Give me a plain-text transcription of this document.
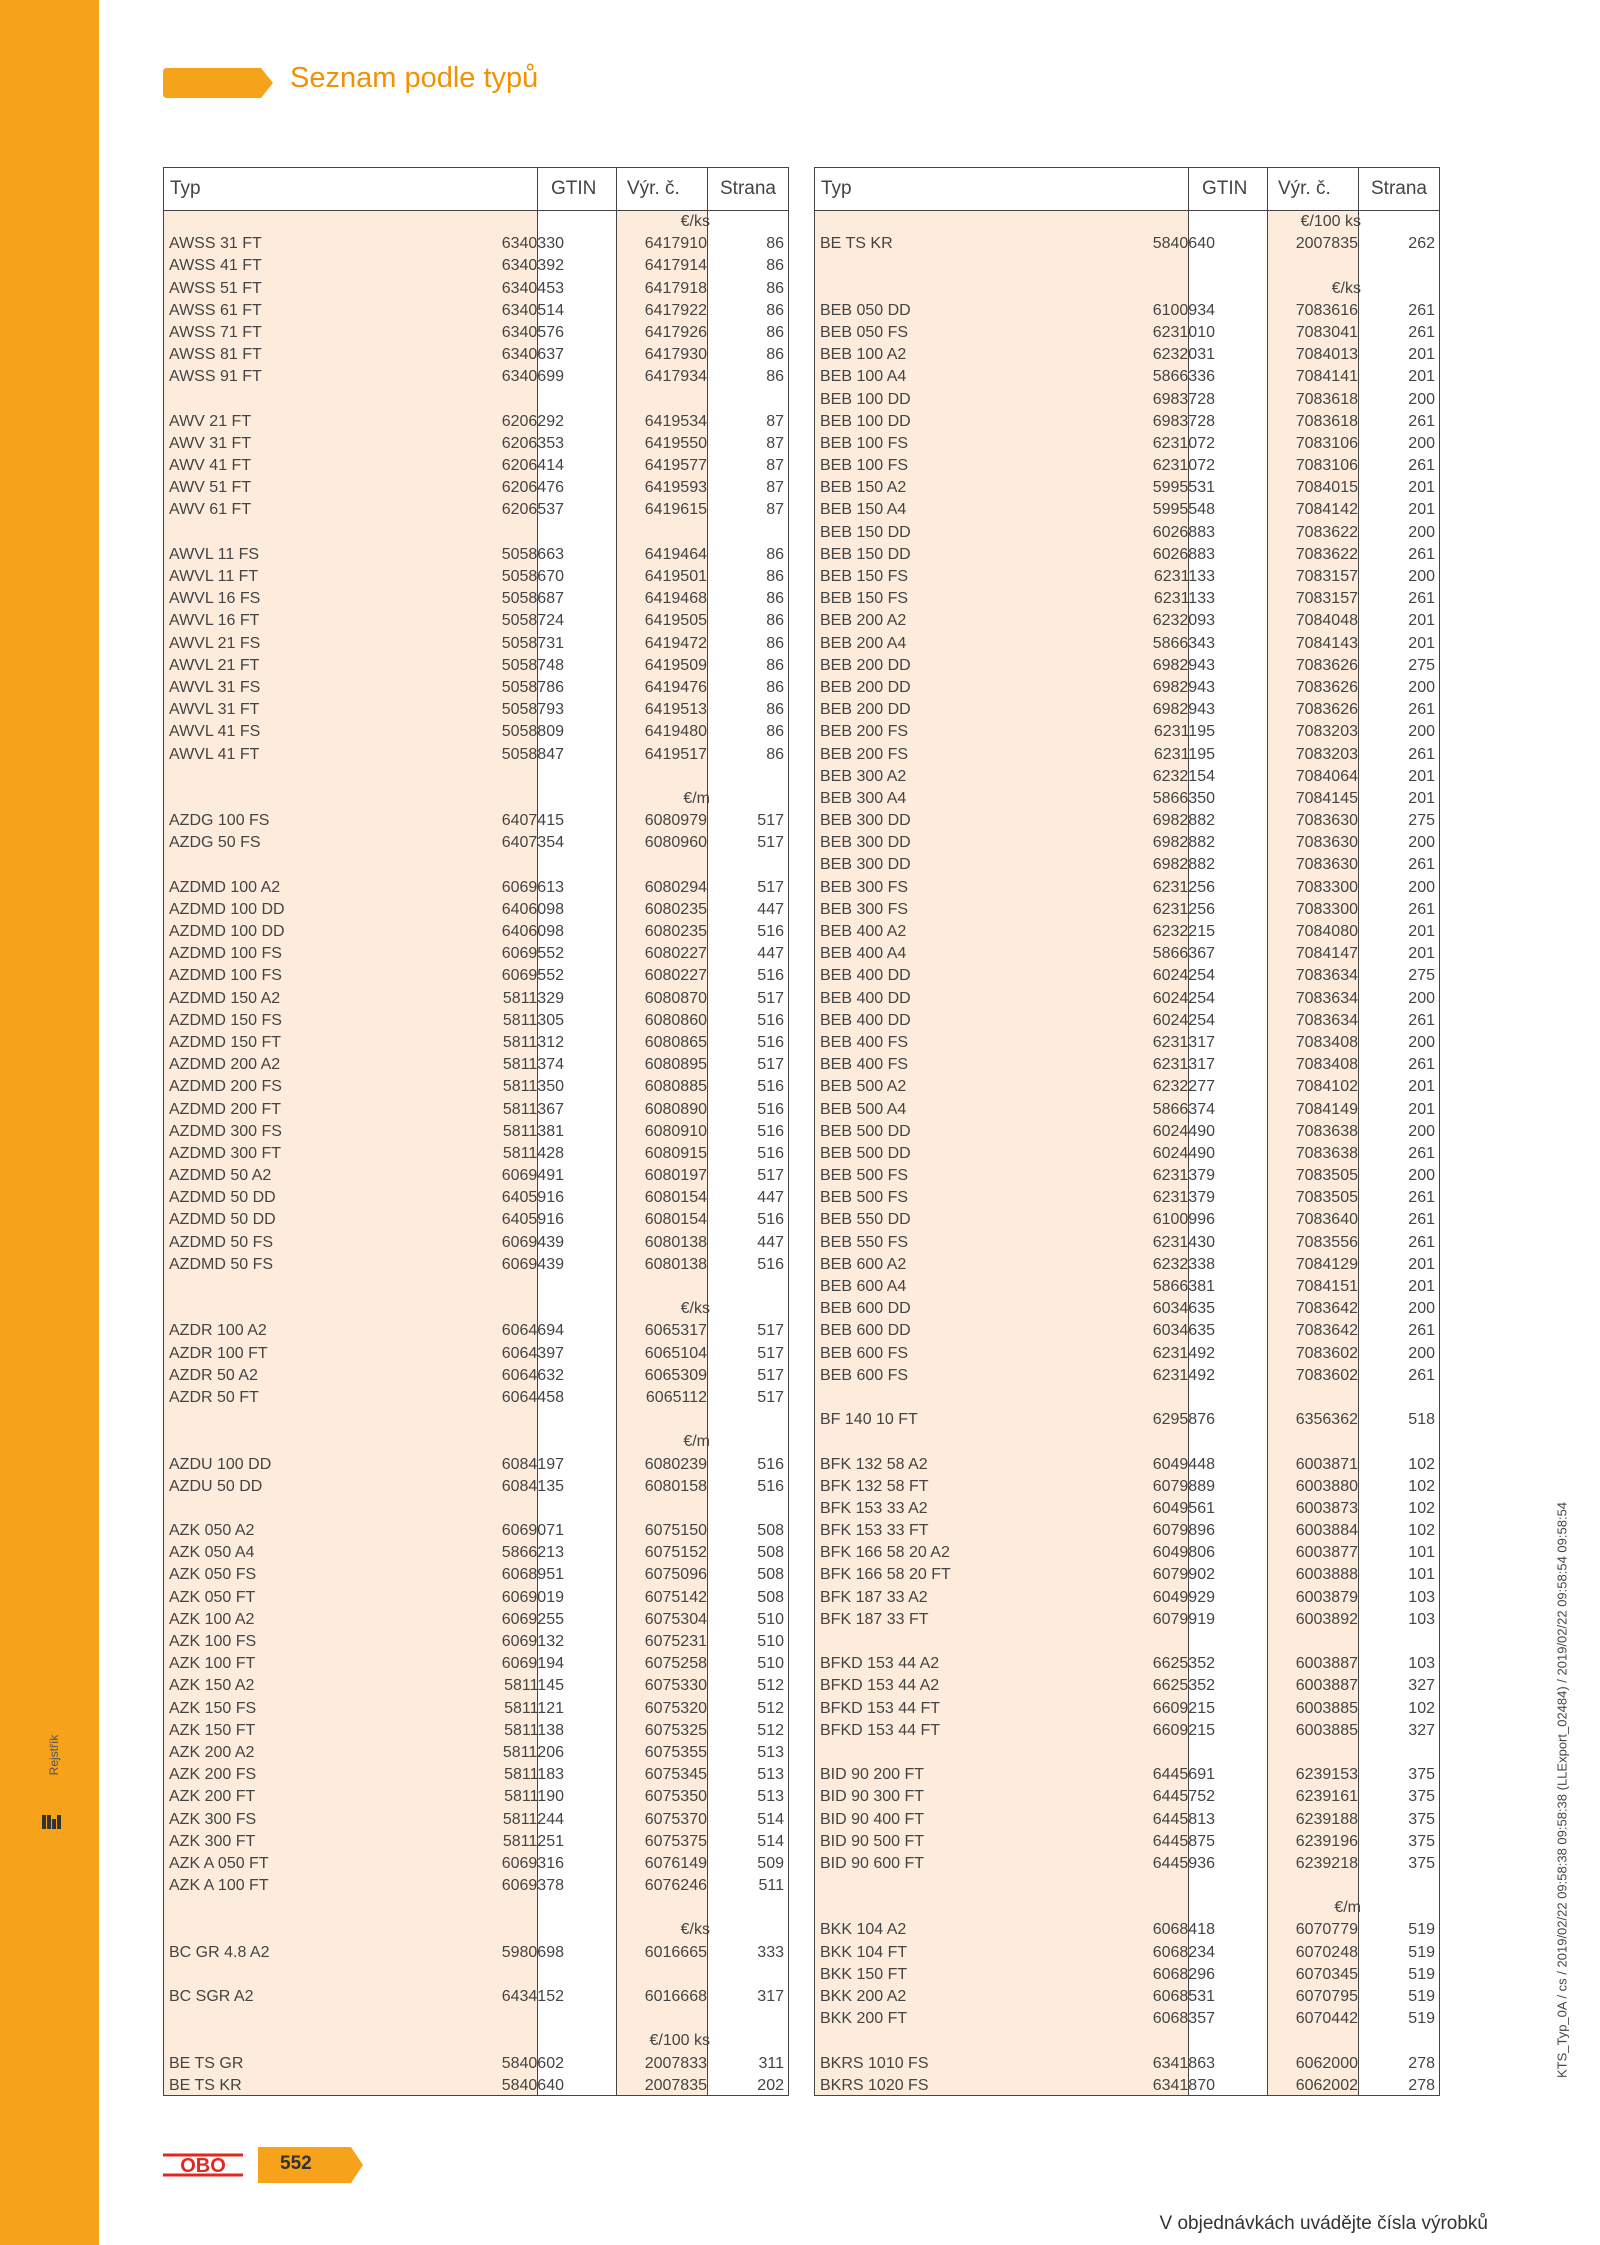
Rejstřík
Seznam podle typů
Typ	GTIN Výr. č. Strana
€/ks
AWSS 31 FT	6340330	6417910	86
AWSS 41 FT	6340392	6417914	86
AWSS 51 FT	6340453	6417918	86
AWSS 61 FT	6340514	6417922	86
AWSS 71 FT	6340576	6417926	86
AWSS 81 FT	6340637	6417930	86
AWSS 91 FT	6340699	6417934	86
AWV 21 FT	6206292	6419534	87
AWV 31 FT	6206353	6419550	87
AWV 41 FT	6206414	6419577	87
AWV 51 FT	6206476	6419593	87
AWV 61 FT	6206537	6419615	87
AWVL 11 FS	5058663	6419464	86
AWVL 11 FT	5058670	6419501	86
AWVL 16 FS	5058687	6419468	86
AWVL 16 FT	5058724	6419505	86
AWVL 21 FS	5058731	6419472	86
AWVL 21 FT	5058748	6419509	86
AWVL 31 FS	5058786	6419476	86
AWVL 31 FT	5058793	6419513	86
AWVL 41 FS	5058809	6419480	86
AWVL 41 FT	5058847	6419517	86
€/m
AZDG 100 FS	6407415	6080979	517
AZDG 50 FS	6407354	6080960	517
AZDMD 100 A2	6069613	6080294	517
AZDMD 100 DD	6406098	6080235	447
AZDMD 100 DD	6406098	6080235	516
AZDMD 100 FS	6069552	6080227	447
AZDMD 100 FS	6069552	6080227	516
AZDMD 150 A2	5811329	6080870	517
AZDMD 150 FS	5811305	6080860	516
AZDMD 150 FT	5811312	6080865	516
AZDMD 200 A2	5811374	6080895	517
AZDMD 200 FS	5811350	6080885	516
AZDMD 200 FT	5811367	6080890	516
AZDMD 300 FS	5811381	6080910	516
AZDMD 300 FT	5811428	6080915	516
AZDMD 50 A2	6069491	6080197	517
AZDMD 50 DD	6405916	6080154	447
AZDMD 50 DD	6405916	6080154	516
AZDMD 50 FS	6069439	6080138	447
AZDMD 50 FS	6069439	6080138	516
€/ks
AZDR 100 A2	6064694	6065317	517
AZDR 100 FT	6064397	6065104	517
AZDR 50 A2	6064632	6065309	517
AZDR 50 FT	6064458	6065112	517
€/m
AZDU 100 DD	6084197	6080239	516
AZDU 50 DD	6084135	6080158	516
AZK 050 A2	6069071	6075150	508
AZK 050 A4	5866213	6075152	508
AZK 050 FS	6068951	6075096	508
AZK 050 FT	6069019	6075142	508
AZK 100 A2	6069255	6075304	510
AZK 100 FS	6069132	6075231	510
AZK 100 FT	6069194	6075258	510
AZK 150 A2	5811145	6075330	512
AZK 150 FS	5811121	6075320	512
AZK 150 FT	5811138	6075325	512
AZK 200 A2	5811206	6075355	513
AZK 200 FS	5811183	6075345	513
AZK 200 FT	5811190	6075350	513
AZK 300 FS	5811244	6075370	514
AZK 300 FT	5811251	6075375	514
AZK A 050 FT	6069316	6076149	509
AZK A 100 FT	6069378	6076246	511
€/ks
BC GR 4.8 A2	5980698	6016665	333
BC SGR A2	6434152	6016668	317
€/100 ks
BE TS GR	5840602	2007833	311
BE TS KR	5840640	2007835	202
Typ	GTIN Výr. č. Strana
€/100 ks
BE TS KR	5840640	2007835	262
€/ks
BEB 050 DD	6100934	7083616	261
BEB 050 FS	6231010	7083041	261
BEB 100 A2	6232031	7084013	201
BEB 100 A4	5866336	7084141	201
BEB 100 DD	6983728	7083618	200
BEB 100 DD	6983728	7083618	261
BEB 100 FS	6231072	7083106	200
BEB 100 FS	6231072	7083106	261
BEB 150 A2	5995531	7084015	201
BEB 150 A4	5995548	7084142	201
BEB 150 DD	6026883	7083622	200
BEB 150 DD	6026883	7083622	261
BEB 150 FS	6231133	7083157	200
BEB 150 FS	6231133	7083157	261
BEB 200 A2	6232093	7084048	201
BEB 200 A4	5866343	7084143	201
BEB 200 DD	6982943	7083626	275
BEB 200 DD	6982943	7083626	200
BEB 200 DD	6982943	7083626	261
BEB 200 FS	6231195	7083203	200
BEB 200 FS	6231195	7083203	261
BEB 300 A2	6232154	7084064	201
BEB 300 A4	5866350	7084145	201
BEB 300 DD	6982882	7083630	275
BEB 300 DD	6982882	7083630	200
BEB 300 DD	6982882	7083630	261
BEB 300 FS	6231256	7083300	200
BEB 300 FS	6231256	7083300	261
BEB 400 A2	6232215	7084080	201
BEB 400 A4	5866367	7084147	201
BEB 400 DD	6024254	7083634	275
BEB 400 DD	6024254	7083634	200
BEB 400 DD	6024254	7083634	261
BEB 400 FS	6231317	7083408	200
BEB 400 FS	6231317	7083408	261
BEB 500 A2	6232277	7084102	201
BEB 500 A4	5866374	7084149	201
BEB 500 DD	6024490	7083638	200
BEB 500 DD	6024490	7083638	261
BEB 500 FS	6231379	7083505	200
BEB 500 FS	6231379	7083505	261
BEB 550 DD	6100996	7083640	261
BEB 550 FS	6231430	7083556	261
BEB 600 A2	6232338	7084129	201
BEB 600 A4	5866381	7084151	201
BEB 600 DD	6034635	7083642	200
BEB 600 DD	6034635	7083642	261
BEB 600 FS	6231492	7083602	200
BEB 600 FS	6231492	7083602	261
BF 140 10 FT	6295876	6356362	518
BFK 132 58 A2	6049448	6003871	102
BFK 132 58 FT	6079889	6003880	102
BFK 153 33 A2	6049561	6003873	102
BFK 153 33 FT	6079896	6003884	102
BFK 166 58 20 A2	6049806	6003877	101
BFK 166 58 20 FT	6079902	6003888	101
BFK 187 33 A2	6049929	6003879	103
BFK 187 33 FT	6079919	6003892	103
BFKD 153 44 A2	6625352	6003887	103
BFKD 153 44 A2	6625352	6003887	327
BFKD 153 44 FT	6609215	6003885	102
BFKD 153 44 FT	6609215	6003885	327
BID 90 200 FT	6445691	6239153	375
BID 90 300 FT	6445752	6239161	375
BID 90 400 FT	6445813	6239188	375
BID 90 500 FT	6445875	6239196	375
BID 90 600 FT	6445936	6239218	375
€/m
BKK 104 A2	6068418	6070779	519
BKK 104 FT	6068234	6070248	519
BKK 150 FT	6068296	6070345	519
BKK 200 A2	6068531	6070795	519
BKK 200 FT	6068357	6070442	519
BKRS 1010 FS	6341863	6062000	278
BKRS 1020 FS	6341870	6062002	278
OBO	552
V objednávkách uvádějte čísla výrobků
KTS_Typ_0A / cs / 2019/02/22 09:58:38 09:58:38 (LLExport_02484) / 2019/02/22 09:58:54 09:58:54
